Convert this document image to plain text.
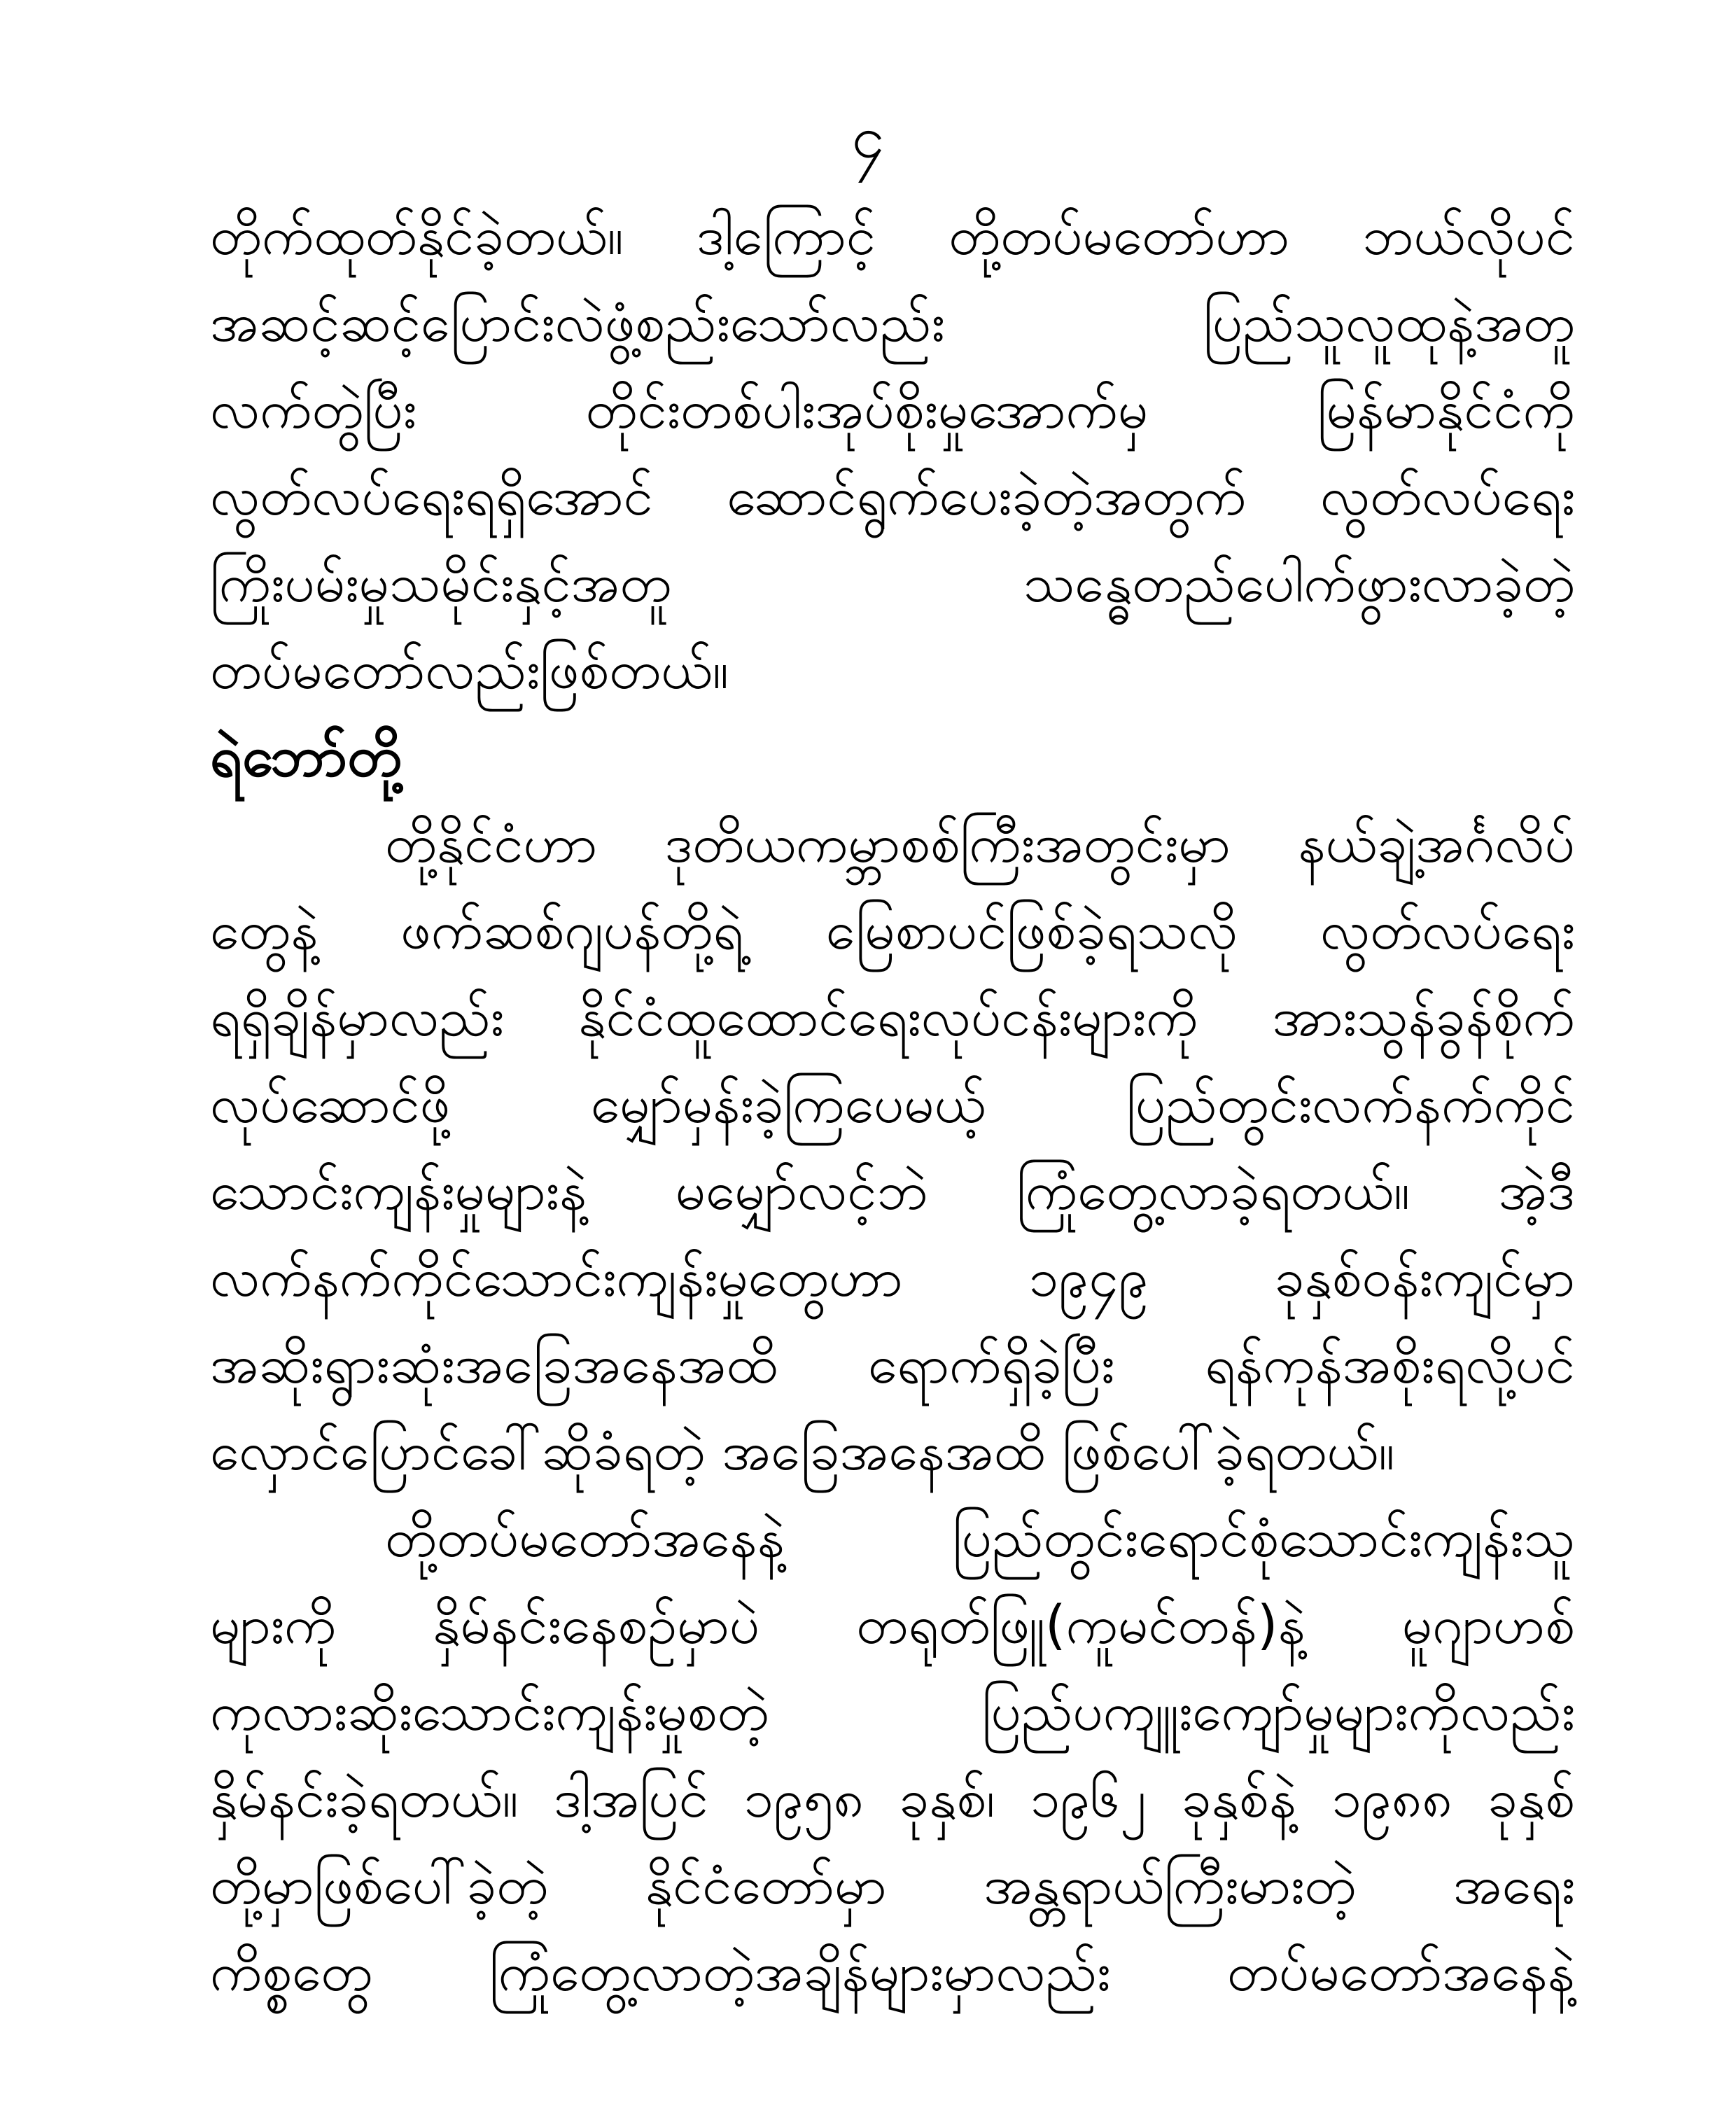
၄
တိုက်ထုတ်နိုင်ခဲ့တယ်။ ဒါ့ကြောင့် တို့တပ်မတော်ဟာ ဘယ်လိုပင်
အဆင့်ဆင့်ပြောင်းလဲဖွံ့စည်းသော်လည်း ပြည်သူလူထုနဲ့အတူ
လက်တွဲပြီး တိုင်းတစ်ပါးအုပ်စိုးမှုအောက်မှ မြန်မာနိုင်ငံကို
လွတ်လပ်ရေးရရှိအောင် ဆောင်ရွက်ပေးခဲ့တဲ့အတွက် လွတ်လပ်ရေး
ကြိုးပမ်းမှုသမိုင်းနှင့်အတူ သန္ဓေတည်ပေါက်ဖွားလာခဲ့တဲ့
တပ်မတော်လည်းဖြစ်တယ်။
ရဲဘော်တို့
တို့နိုင်ငံဟာ ဒုတိယကမ္ဘာစစ်ကြီးအတွင်းမှာ နယ်ချဲ့အင်္ဂလိပ်
တွေနဲ့ ဖက်ဆစ်ဂျပန်တို့ရဲ့ မြေစာပင်ဖြစ်ခဲ့ရသလို လွတ်လပ်ရေး
ရရှိချိန်မှာလည်း နိုင်ငံထူထောင်ရေးလုပ်ငန်းများကို အားသွန်ခွန်စိုက်
လုပ်ဆောင်ဖို့ မျှော်မှန်းခဲ့ကြပေမယ့် ပြည်တွင်းလက်နက်ကိုင်
သောင်းကျန်းမှုများနဲ့ မမျှော်လင့်ဘဲ ကြုံတွေ့လာခဲ့ရတယ်။ အဲ့ဒီ
လက်နက်ကိုင်သောင်းကျန်းမှုတွေဟာ ၁၉၄၉ ခုနှစ်ဝန်းကျင်မှာ
အဆိုးရွားဆုံးအခြေအနေအထိ ရောက်ရှိခဲ့ပြီး ရန်ကုန်အစိုးရလို့ပင်
လှောင်ပြောင်ခေါ်ဆိုခံရတဲ့ အခြေအနေအထိ ဖြစ်ပေါ်ခဲ့ရတယ်။
တို့တပ်မတော်အနေနဲ့ ပြည်တွင်းရောင်စုံသောင်းကျန်းသူ
များကို နှိမ်နင်းနေစဉ်မှာပဲ တရုတ်ဖြူ(ကူမင်တန်)နဲ့ မူဂျာဟစ်
ကုလားဆိုးသောင်းကျန်းမှုစတဲ့ ပြည်ပကျူးကျော်မှုများကိုလည်း
နှိမ်နင်းခဲ့ရတယ်။ ဒါ့အပြင် ၁၉၅၈ ခုနှစ်၊ ၁၉၆၂ ခုနှစ်နဲ့ ၁၉၈၈ ခုနှစ်
တို့မှာဖြစ်ပေါ်ခဲ့တဲ့ နိုင်ငံတော်မှာ အန္တရာယ်ကြီးမားတဲ့ အရေး
ကိစ္စတွေ ကြုံတွေ့လာတဲ့အချိန်များမှာလည်း တပ်မတော်အနေနဲ့
